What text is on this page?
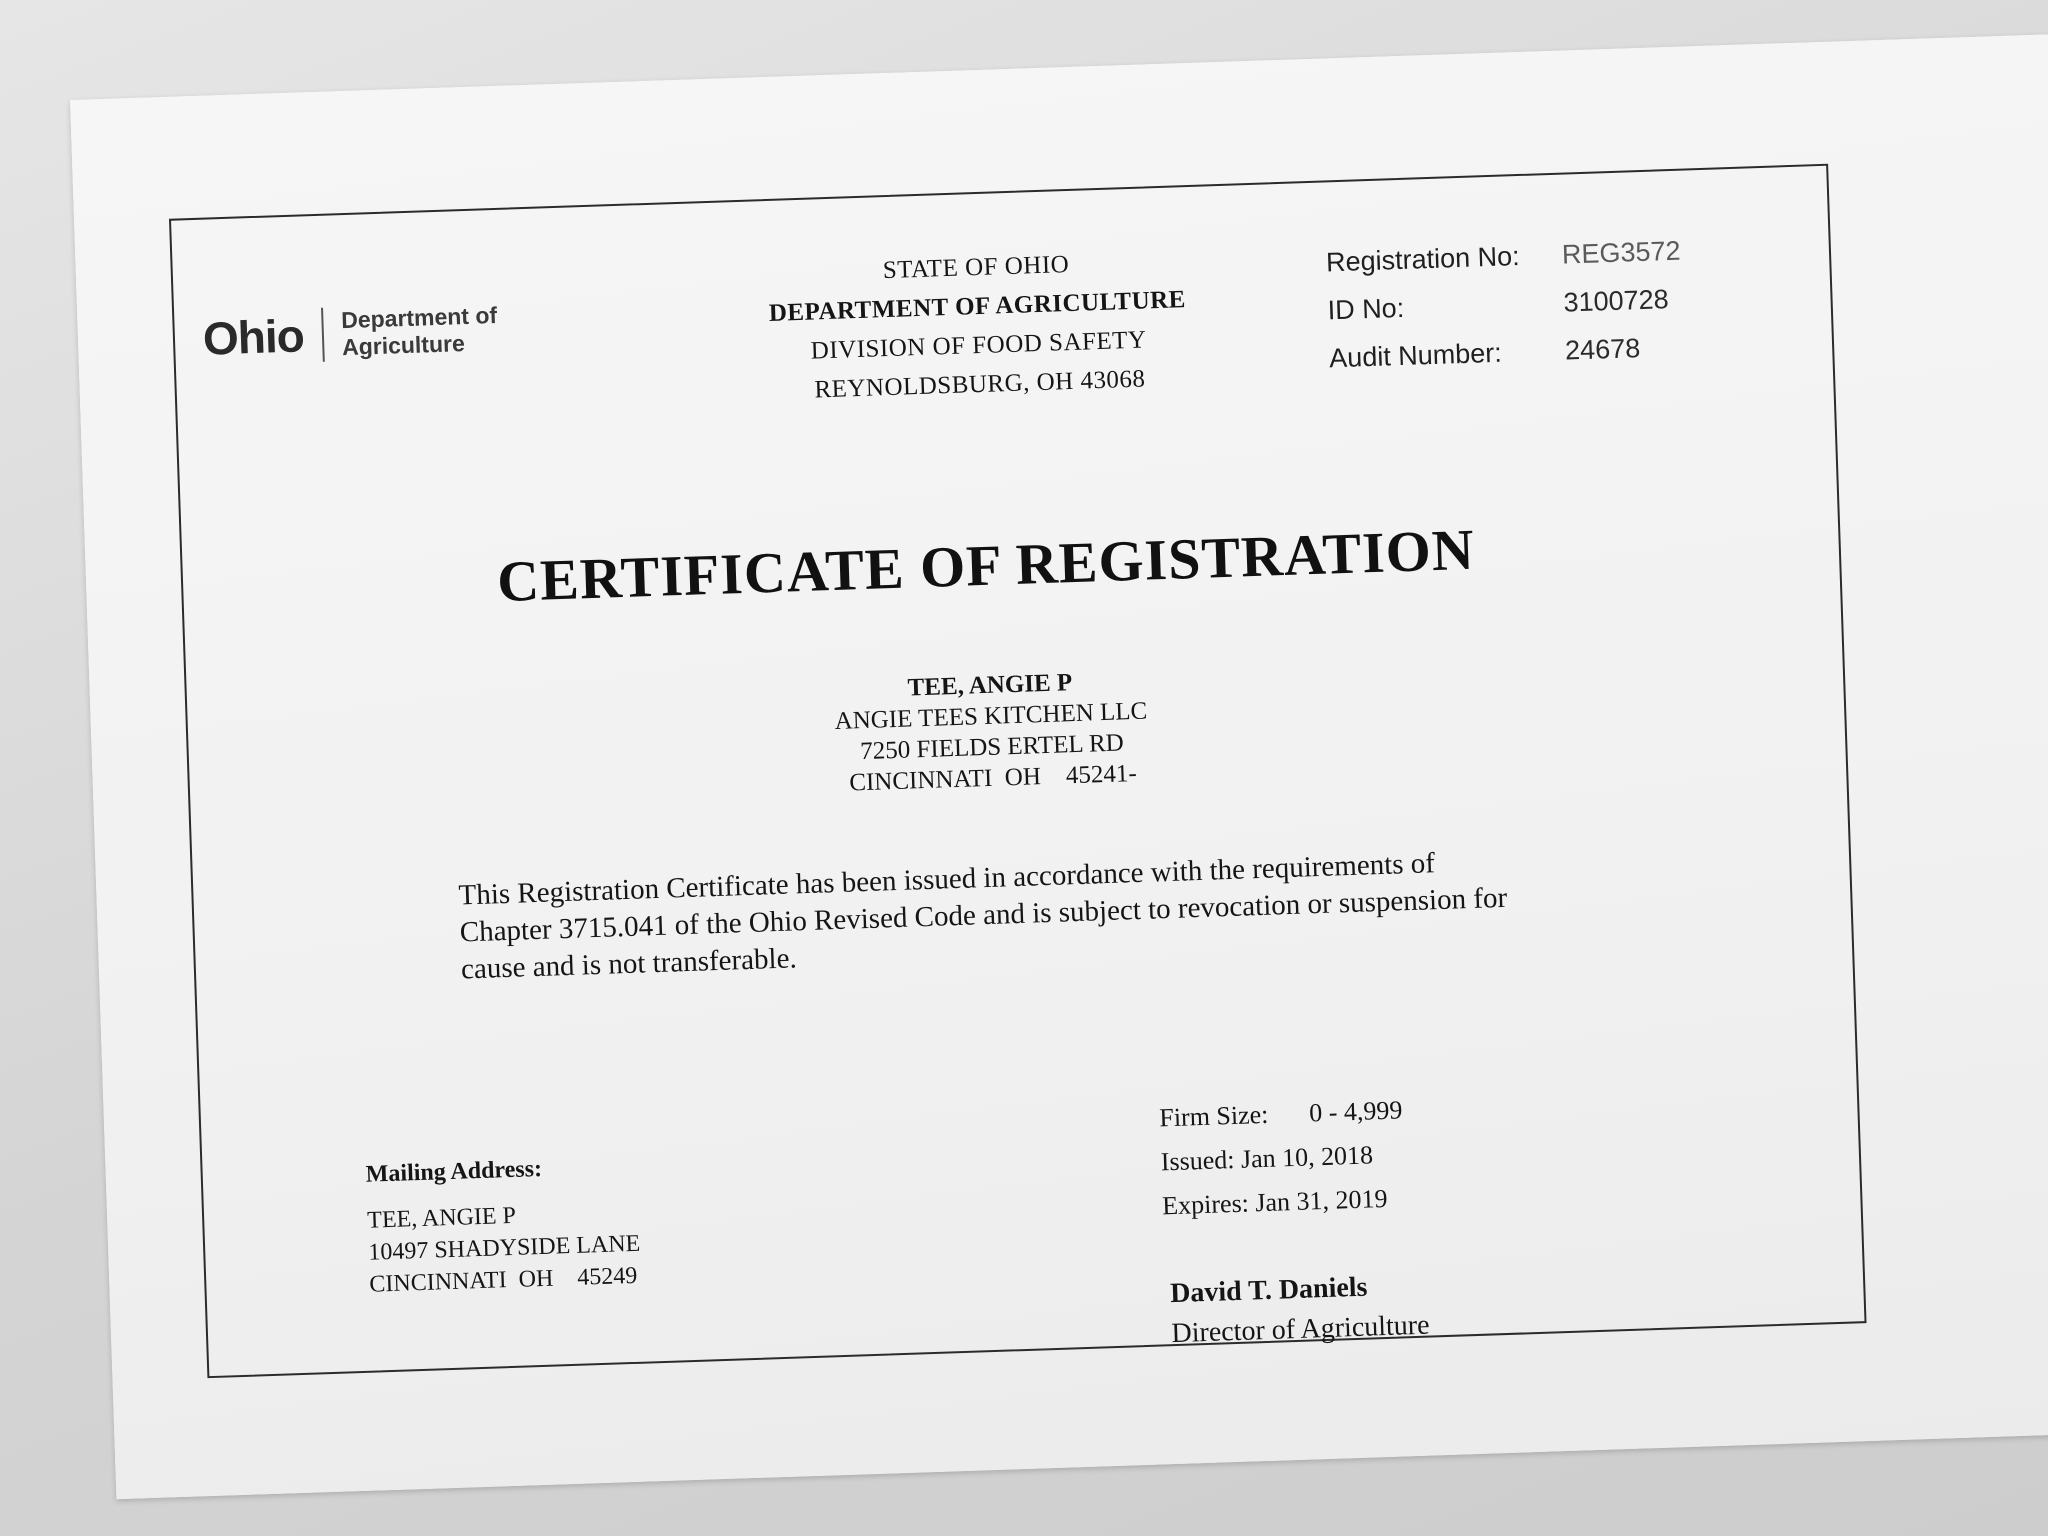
Ohio Department of
Agriculture
STATE OF OHIO
DEPARTMENT OF AGRICULTURE
DIVISION OF FOOD SAFETY
REYNOLDSBURG, OH 43068
Registration No:	REG3572
ID No:	3100728
Audit Number:	24678
CERTIFICATE OF REGISTRATION
TEE, ANGIE P
ANGIE TEES KITCHEN LLC
7250 FIELDS ERTEL RD
CINCINNATI  OH    45241-
This Registration Certificate has been issued in accordance with the requirements of Chapter 3715.041 of the Ohio Revised Code and is subject to revocation or suspension for cause and is not transferable.
Mailing Address:
TEE, ANGIE P
10497 SHADYSIDE LANE
CINCINNATI  OH    45249
Firm Size:	0 - 4,999
Issued: Jan 10, 2018
Expires: Jan 31, 2019
David T. Daniels
Director of Agriculture
